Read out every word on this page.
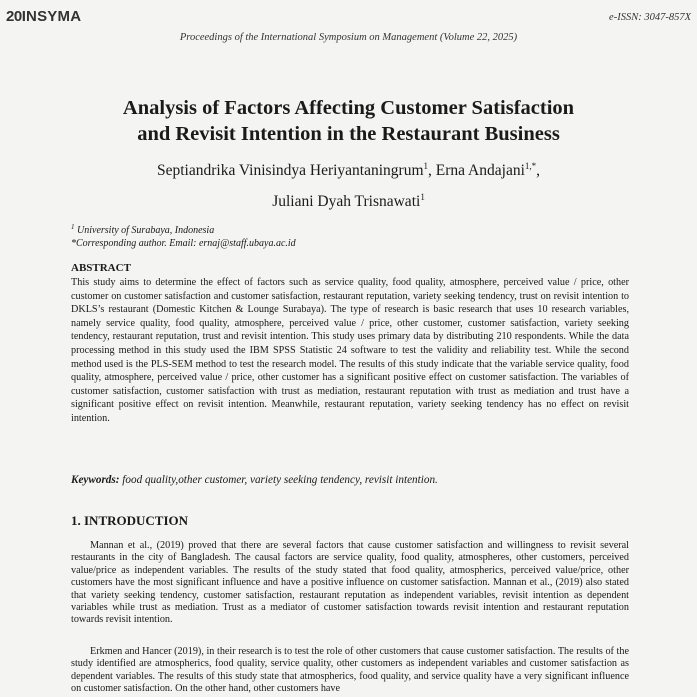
20 INSYMA	e-ISSN: 3047-857X
Proceedings of the International Symposium on Management (Volume 22, 2025)
Analysis of Factors Affecting Customer Satisfaction
and Revisit Intention in the Restaurant Business
Septiandrika Vinisindya Heriyantaningrum$^1$, Erna Andajani$^{1,*}$,
Juliani Dyah Trisnawati$^1$
$^1$ University of Surabaya, Indonesia
*Corresponding author. Email: ernaj@staff.ubaya.ac.id
ABSTRACT
This study aims to determine the effect of factors such as service quality, food quality, atmosphere, perceived value / price, other customer on customer satisfaction and customer satisfaction, restaurant reputation, variety seeking tendency, trust on revisit intention to DKLS’s restaurant (Domestic Kitchen & Lounge Surabaya). The type of research is basic research that uses 10 research variables, namely service quality, food quality, atmosphere, perceived value / price, other customer, customer satisfaction, variety seeking tendency, restaurant reputation, trust and revisit intention. This study uses primary data by distributing 210 respondents. While the data processing method in this study used the IBM SPSS Statistic 24 software to test the validity and reliability test. While the second method used is the PLS-SEM method to test the research model. The results of this study indicate that the variable service quality, food quality, atmosphere, perceived value / price, other customer has a significant positive effect on customer satisfaction. The variables of customer satisfaction, customer satisfaction with trust as mediation, restaurant reputation with trust as mediation and trust have a significant positive effect on revisit intention. Meanwhile, restaurant reputation, variety seeking tendency has no effect on revisit intention.
Keywords: food quality,other customer, variety seeking tendency, revisit intention.
1. INTRODUCTION
Mannan et al., (2019) proved that there are several factors that cause customer satisfaction and willingness to revisit several restaurants in the city of Bangladesh. The causal factors are service quality, food quality, atmospheres, other customers, perceived value/price as independent variables. The results of the study stated that food quality, atmospherics, perceived value/price, other customers have the most significant influence and have a positive influence on customer satisfaction. Mannan et al., (2019) also stated that variety seeking tendency, customer satisfaction, restaurant reputation as independent variables, revisit intention as dependent variables while trust as mediation. Trust as a mediator of customer satisfaction towards revisit intention and restaurant reputation towards revisit intention.
Erkmen and Hancer (2019), in their research is to test the role of other customers that cause customer satisfaction. The results of the study identified are atmospherics, food quality, service quality, other customers as independent variables and customer satisfaction as dependent variables. The results of this study state that atmospherics, food quality, and service quality have a very significant influence on customer satisfaction. On the other hand, other customers have
